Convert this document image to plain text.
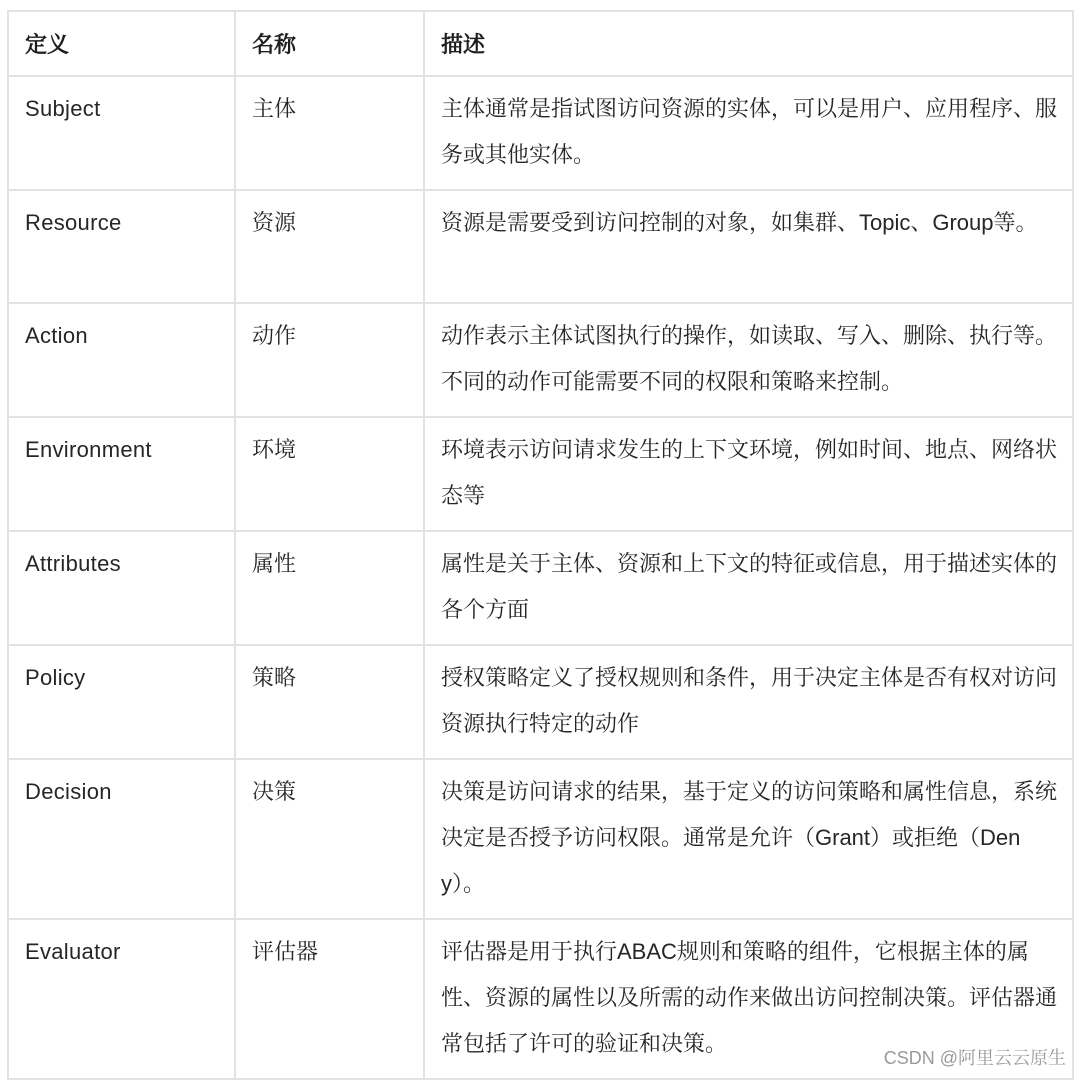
定义	名称	描述
Subject	主体	主体通常是指试图访问资源的实体，可以是用户、应用程序、服务或其他实体。
Resource	资源	资源是需要受到访问控制的对象，如集群、Topic、Group等。
Action	动作	动作表示主体试图执行的操作，如读取、写入、删除、执行等。不同的动作可能需要不同的权限和策略来控制。
Environment	环境	环境表示访问请求发生的上下文环境，例如时间、地点、网络状态等
Attributes	属性	属性是关于主体、资源和上下文的特征或信息，用于描述实体的各个方面
Policy	策略	授权策略定义了授权规则和条件，用于决定主体是否有权对访问资源执行特定的动作
Decision	决策	决策是访问请求的结果，基于定义的访问策略和属性信息，系统决定是否授予访问权限。通常是允许（Grant）或拒绝（Deny）。
Evaluator	评估器	评估器是用于执行ABAC规则和策略的组件，它根据主体的属性、资源的属性以及所需的动作来做出访问控制决策。评估器通常包括了许可的验证和决策。
CSDN @阿里云云原生
